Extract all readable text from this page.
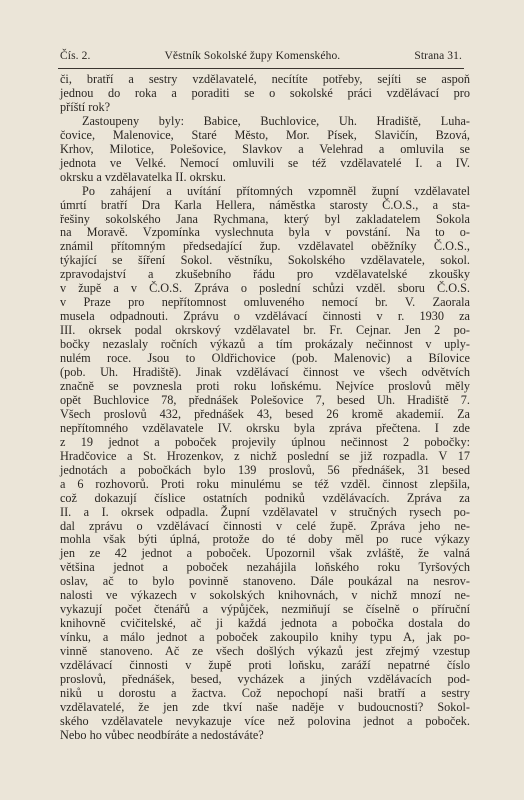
Čís. 2.	Věstník Sokolské župy Komenského.	Strana 31.
či, bratří a sestry vzdělavatelé, necítíte potřeby, sejíti se aspoň
jednou do roka a poraditi se o sokolské práci vzdělávací pro
příští rok?
Zastoupeny byly: Babice, Buchlovice, Uh. Hradiště, Luha-
čovice, Malenovice, Staré Město, Mor. Písek, Slavičín, Bzová,
Krhov, Milotice, Polešovice, Slavkov a Velehrad a omluvila se
jednota ve Velké. Nemocí omluvili se též vzdělavatelé I. a IV.
okrsku a vzdělavatelka II. okrsku.
Po zahájení a uvítání přítomných vzpomněl župní vzdělavatel
úmrtí bratří Dra Karla Hellera, náměstka starosty Č.O.S., a sta-
řešiny sokolského Jana Rychmana, který byl zakladatelem Sokola
na Moravě. Vzpomínka vyslechnuta byla v povstání. Na to o-
známil přítomným předsedající žup. vzdělavatel oběžníky Č.O.S.,
týkající se šíření Sokol. věstníku, Sokolského vzdělavatele, sokol.
zpravodajství a zkušebního řádu pro vzdělavatelské zkoušky
v župě a v Č.O.S. Zpráva o poslední schůzi vzděl. sboru Č.O.S.
v Praze pro nepřítomnost omluveného nemocí br. V. Zaorala
musela odpadnouti. Zprávu o vzdělávací činnosti v r. 1930 za
III. okrsek podal okrskový vzdělavatel br. Fr. Cejnar. Jen 2 po-
bočky nezaslaly ročních výkazů a tím prokázaly nečinnost v uply-
nulém roce. Jsou to Oldřichovice (pob. Malenovic) a Bílovice
(pob. Uh. Hradiště). Jinak vzdělávací činnost ve všech odvětvích
značně se povznesla proti roku loňskému. Nejvíce proslovů měly
opět Buchlovice 78, přednášek Polešovice 7, besed Uh. Hradiště 7.
Všech proslovů 432, přednášek 43, besed 26 kromě akademií. Za
nepřítomného vzdělavatele IV. okrsku byla zpráva přečtena. I zde
z 19 jednot a poboček projevily úplnou nečinnost 2 pobočky:
Hradčovice a St. Hrozenkov, z nichž poslední se již rozpadla. V 17
jednotách a pobočkách bylo 139 proslovů, 56 přednášek, 31 besed
a 6 rozhovorů. Proti roku minulému se též vzděl. činnost zlepšila,
což dokazují číslice ostatních podniků vzdělávacích. Zpráva za
II. a I. okrsek odpadla. Župní vzdělavatel v stručných rysech po-
dal zprávu o vzdělávací činnosti v celé župě. Zpráva jeho ne-
mohla však býti úplná, protože do té doby měl po ruce výkazy
jen ze 42 jednot a poboček. Upozornil však zvláště, že valná
většina jednot a poboček nezahájila loňského roku Tyršových
oslav, ač to bylo povinně stanoveno. Dále poukázal na nesrov-
nalosti ve výkazech v sokolských knihovnách, v nichž mnozí ne-
vykazují počet čtenářů a výpůjček, nezmiňují se číselně o příruční
knihovně cvičitelské, ač ji každá jednota a pobočka dostala do
vínku, a málo jednot a poboček zakoupilo knihy typu A, jak po-
vinně stanoveno. Ač ze všech došlých výkazů jest zřejmý vzestup
vzdělávací činnosti v župě proti loňsku, zaráží nepatrné číslo
proslovů, přednášek, besed, vycházek a jiných vzdělávacích pod-
niků u dorostu a žactva. Což nepochopí naši bratří a sestry
vzdělavatelé, že jen zde tkví naše naděje v budoucnosti? Sokol-
ského vzdělavatele nevykazuje více než polovina jednot a poboček.
Nebo ho vůbec neodbíráte a nedostáváte?
